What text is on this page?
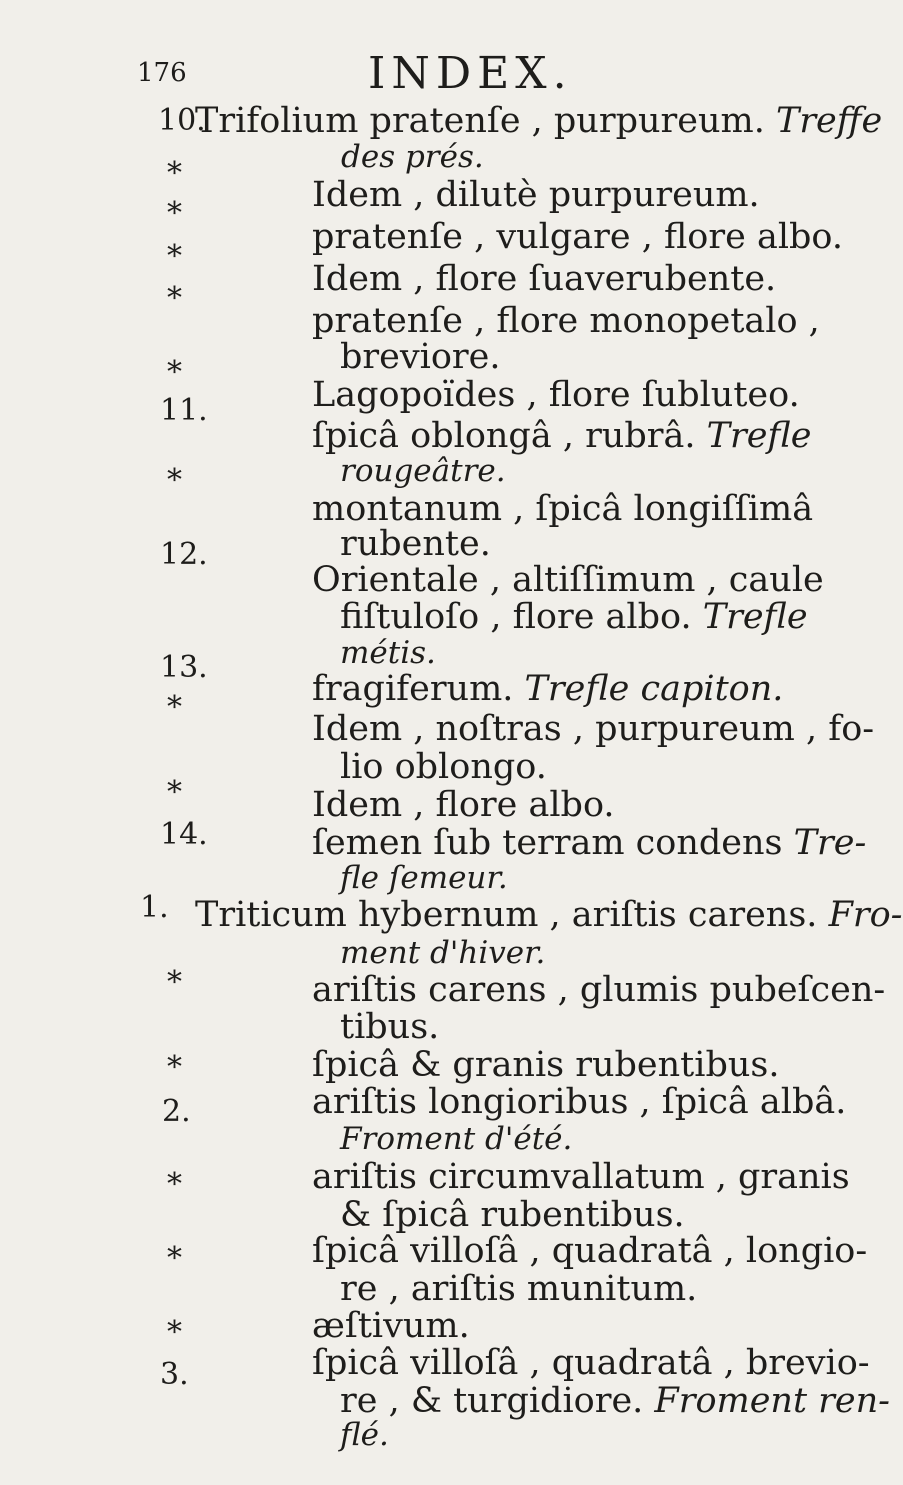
176	INDEX.
10.
*
*
*
*
*
11.
*
12.
13.
*
*
14.
1.
*
*
2.
*
*
*
3.
Trifolium pratenſe , purpureum. Treffe
des prés.
Idem , dilutè purpureum.
pratenſe , vulgare , flore albo.
Idem , flore ſuaverubente.
pratenſe , flore monopetalo ,
breviore.
Lagopoïdes , flore ſubluteo.
ſpicâ oblongâ , rubrâ. Trefle
rougeâtre.
montanum , ſpicâ longiſſimâ
rubente.
Orientale , altiſſimum , caule
fiſtuloſo , flore albo. Trefle
métis.
fragiferum. Trefle capiton.
Idem , noſtras , purpureum , fo-
lio oblongo.
Idem , flore albo.
ſemen ſub terram condens Tre-
fle ſemeur.
Triticum hybernum , ariſtis carens. Fro-
ment d'hiver.
ariſtis carens , glumis pubeſcen-
tibus.
ſpicâ & granis rubentibus.
ariſtis longioribus , ſpicâ albâ.
Froment d'été.
ariſtis circumvallatum , granis
& ſpicâ rubentibus.
ſpicâ villoſâ , quadratâ , longio-
re , ariſtis munitum.
æſtivum.
ſpicâ villoſâ , quadratâ , brevio-
re , & turgidiore. Froment ren-
flé.
